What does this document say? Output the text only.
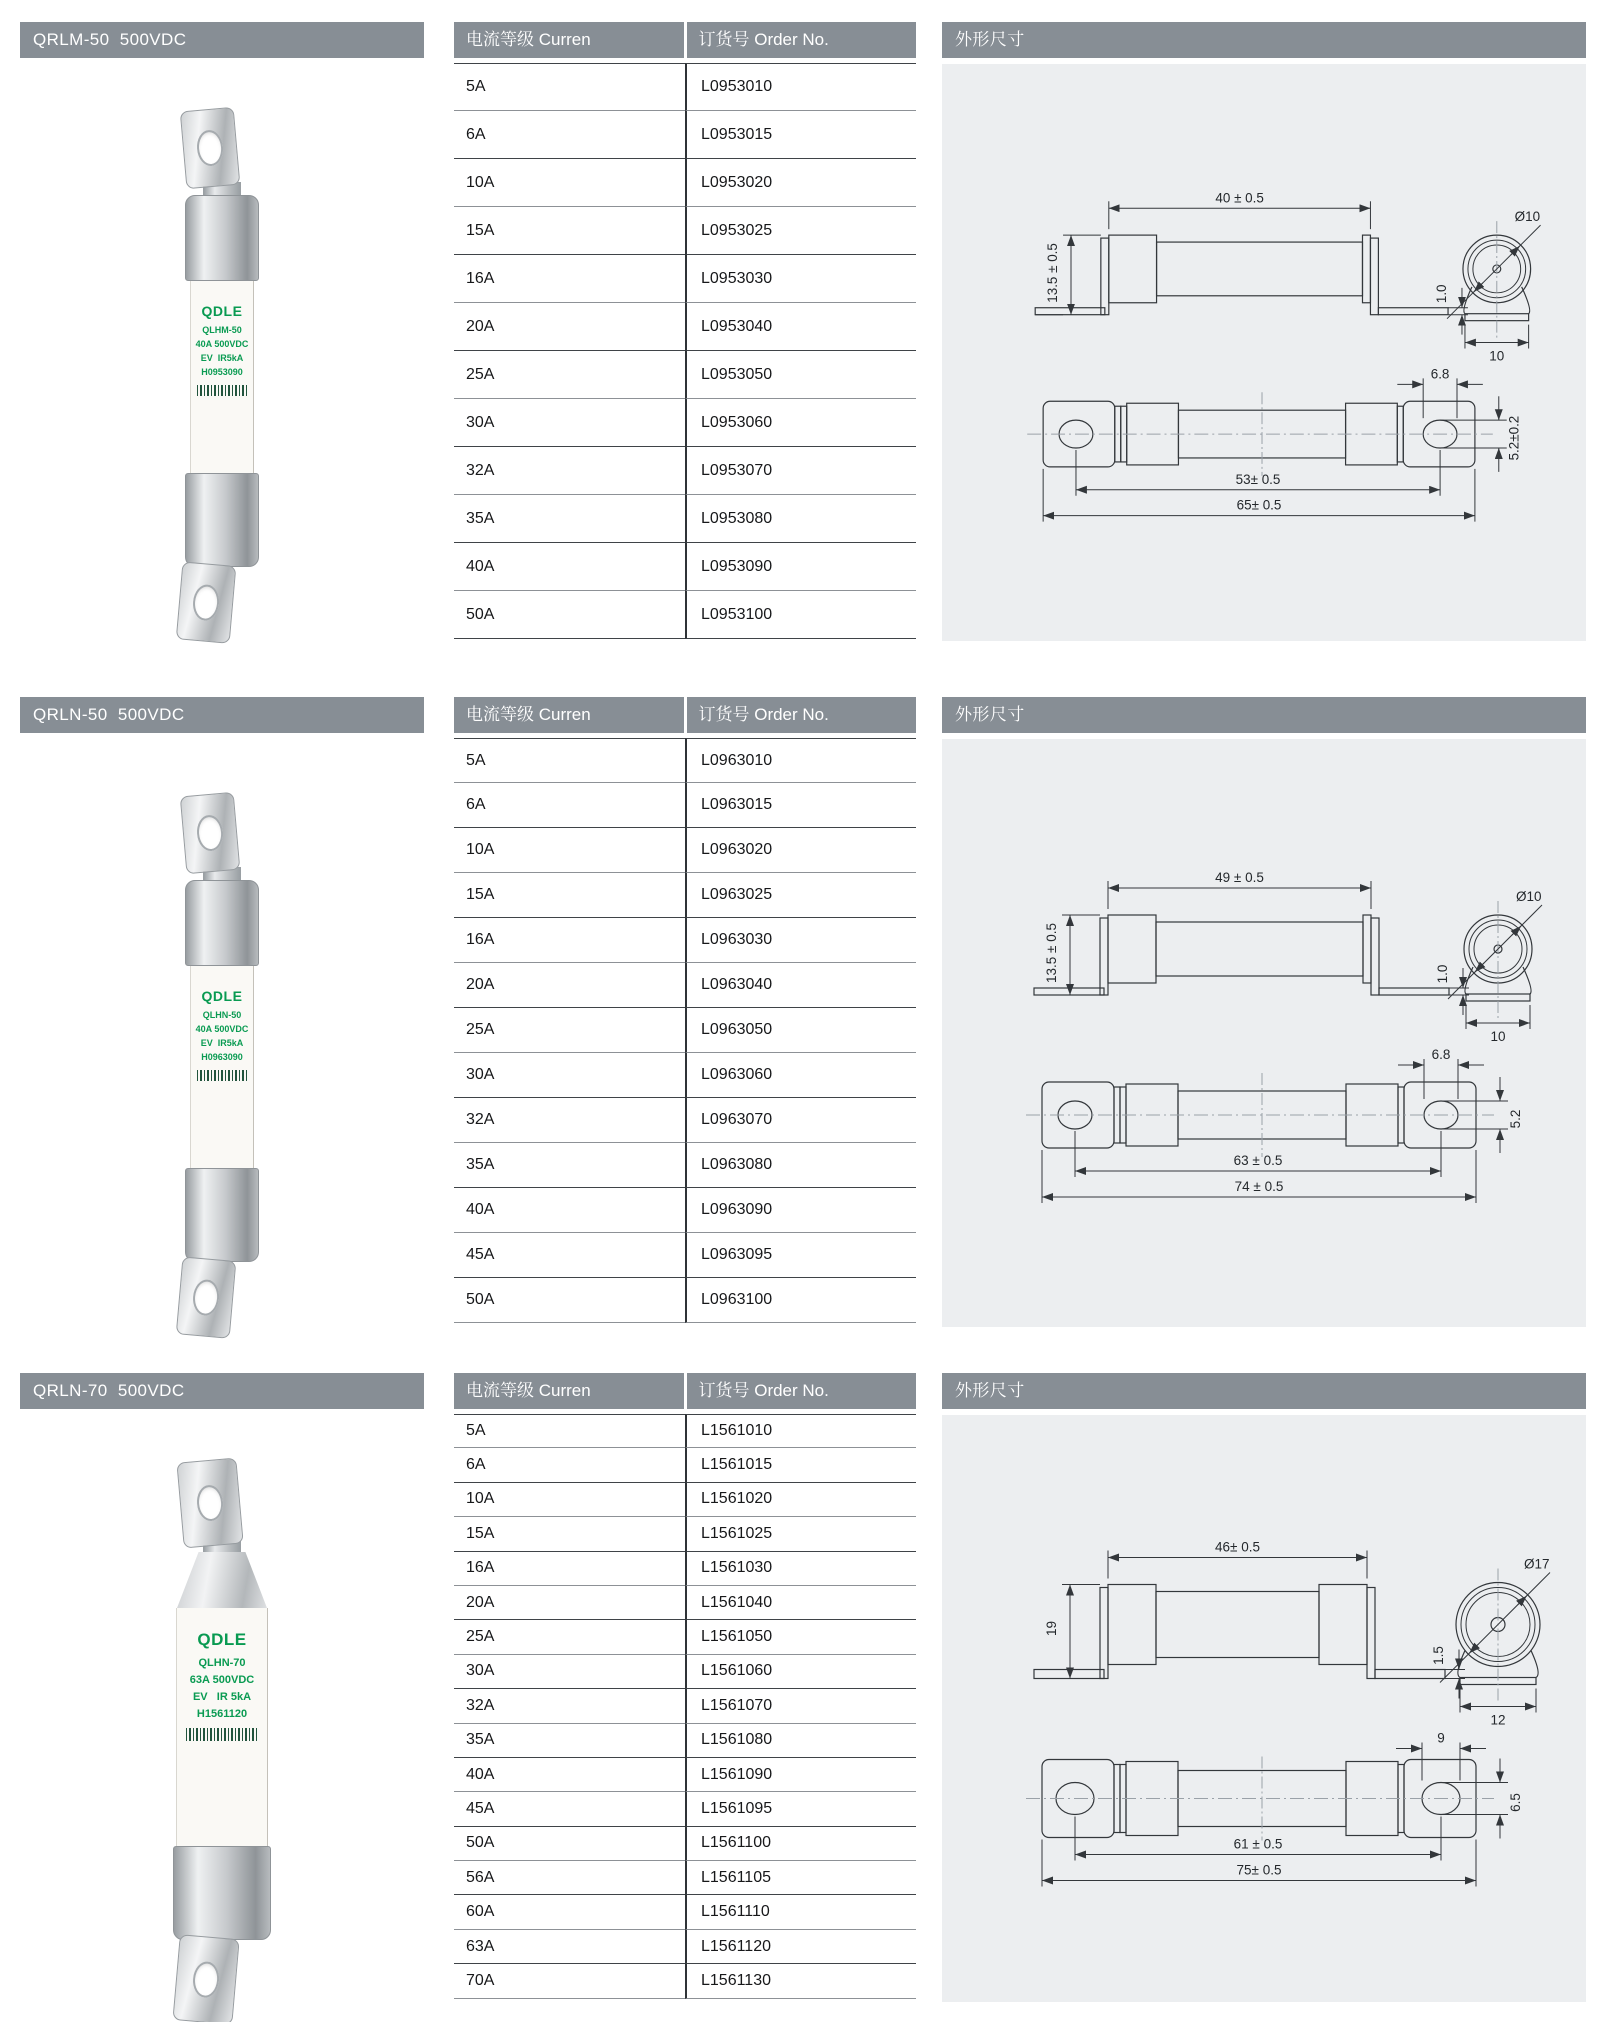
QRLM-50  500VDC
QDLE
QLHM-50
40A 500VDC
EV  IR5kA
H0953090
电流等级 Curren	订货号 Order No.
5A	L0953010
6A	L0953015
10A	L0953020
15A	L0953025
16A	L0953030
20A	L0953040
25A	L0953050
30A	L0953060
32A	L0953070
35A	L0953080
40A	L0953090
50A	L0953100
外形尺寸
40 ± 0.5
13.5 ± 0.5	1.0
Ø10
10
6.8
5.2±0.2
53± 0.5
65± 0.5
QRLN-50  500VDC
QDLE
QLHN-50
40A 500VDC
EV  IR5kA
H0963090
电流等级 Curren	订货号 Order No.
5A	L0963010
6A	L0963015
10A	L0963020
15A	L0963025
16A	L0963030
20A	L0963040
25A	L0963050
30A	L0963060
32A	L0963070
35A	L0963080
40A	L0963090
45A	L0963095
50A	L0963100
外形尺寸
49 ± 0.5
13.5 ± 0.5	1.0
Ø10
10
6.8
5.2
63 ± 0.5
74 ± 0.5
QRLN-70  500VDC
QDLE
QLHN-70
63A 500VDC
EV   IR 5kA
H1561120
电流等级 Curren	订货号 Order No.
5A	L1561010
6A	L1561015
10A	L1561020
15A	L1561025
16A	L1561030
20A	L1561040
25A	L1561050
30A	L1561060
32A	L1561070
35A	L1561080
40A	L1561090
45A	L1561095
50A	L1561100
56A	L1561105
60A	L1561110
63A	L1561120
70A	L1561130
外形尺寸
46± 0.5
19
1.5
Ø17
12
9
6.5
61 ± 0.5
75± 0.5
